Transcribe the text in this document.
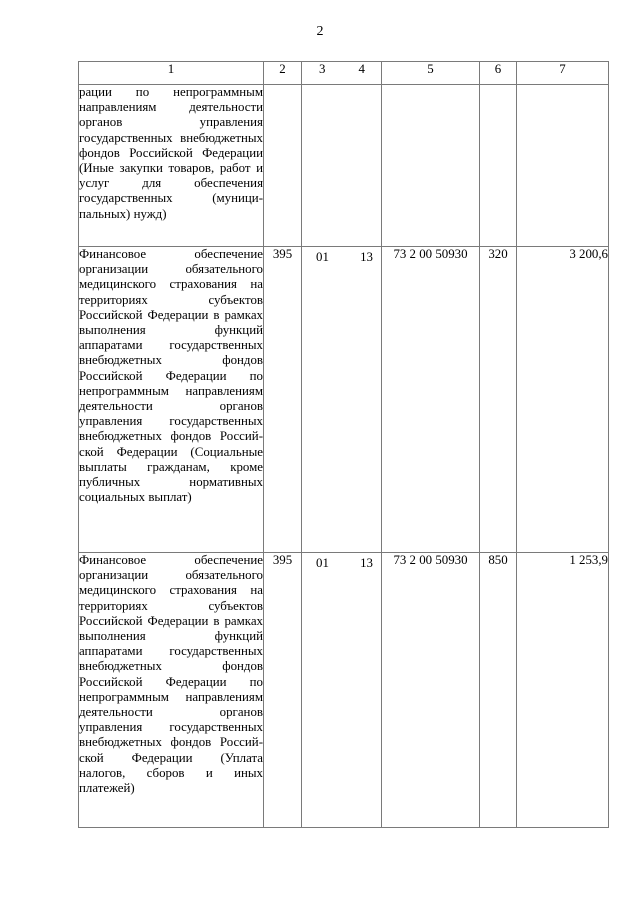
2
1	2	3 4	5	6	7
рации по непрограммным направлениям деятельности органов управления государственных внебюджетных фондов Российской Федерации (Иные закупки товаров, работ и услуг для обеспечения государственных (муниципальных) нужд)		

Финансовое обеспечение организации обязательного медицинского страхования на территориях субъектов Российской Федерации в рамках выполнения функций аппаратами государственных внебюджетных фондов Российской Федерации по непрограммным направлениям деятельности органов управления государственных внебюджетных фондов Российской Федерации (Социальные выплаты гражданам, кроме публичных нормативных социальных выплат)	395	01 13	73 2 00 50930	320	3 200,6
Финансовое обеспечение организации обязательного медицинского страхования на территориях субъектов Российской Федерации в рамках выполнения функций аппаратами государственных внебюджетных фондов Российской Федерации по непрограммным направлениям деятельности органов управления государственных внебюджетных фондов Российской Федерации (Уплата налогов, сборов и иных платежей)	395	01 13	73 2 00 50930	850	1 253,9
